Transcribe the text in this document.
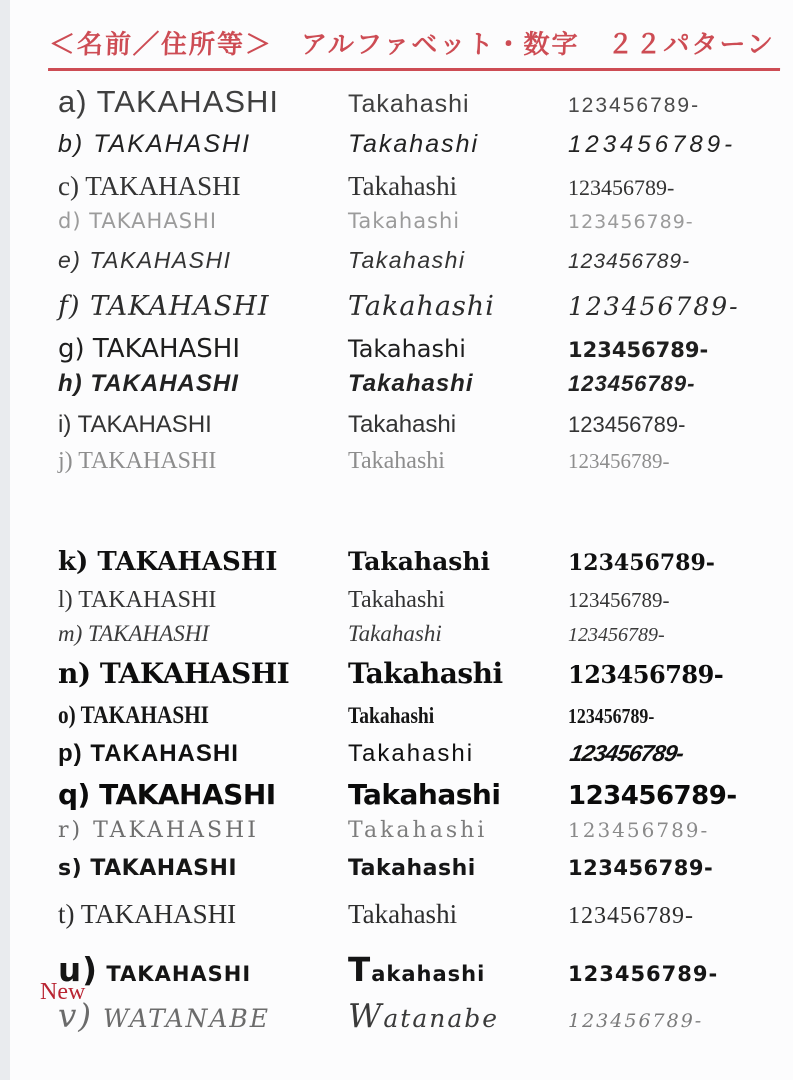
＜名前／住所等＞　アルファベット・数字　２２パターン
a) TAKAHASHI	Takahashi	123456789-
b) TAKAHASHI	Takahashi	123456789-
c) TAKAHASHI	Takahashi	123456789-
d) TAKAHASHI	Takahashi	123456789-
e) TAKAHASHI	Takahashi	123456789-
f) TAKAHASHI	Takahashi	123456789-
g) TAKAHASHI	Takahashi	123456789-
h) TAKAHASHI	Takahashi	123456789-
i) TAKAHASHI	Takahashi	123456789-
j) TAKAHASHI	Takahashi	123456789-
k) TAKAHASHI	Takahashi	123456789-
l) TAKAHASHI	Takahashi	123456789-
m) TAKAHASHI	Takahashi	123456789-
n) TAKAHASHI	Takahashi	123456789-
o) TAKAHASHI	Takahashi	123456789-
p) TAKAHASHI	Takahashi	123456789-
q) TAKAHASHI	Takahashi	123456789-
r) TAKAHASHI	Takahashi	123456789-
s) TAKAHASHI	Takahashi	123456789-
t) TAKAHASHI	Takahashi	123456789-
u) TAKAHASHI	Takahashi	123456789-
New
v) WATANABE	Watanabe	123456789-
